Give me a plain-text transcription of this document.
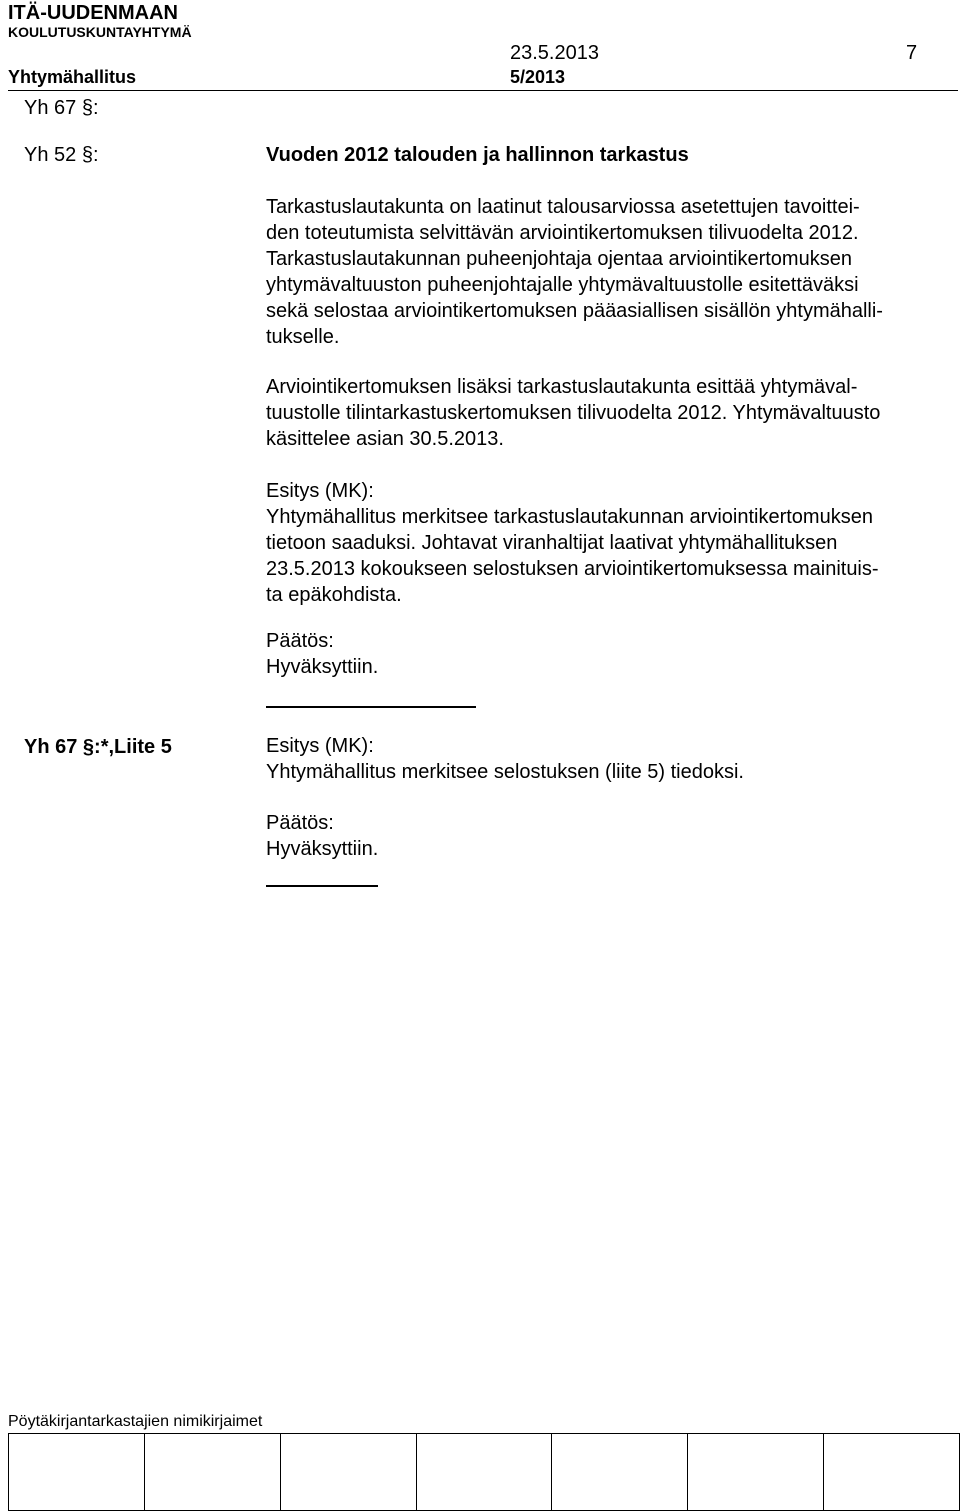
ITÄ-UUDENMAAN
KOULUTUSKUNTAYHTYMÄ
23.5.2013	7
Yhtymähallitus	5/2013
Yh 67 §:
Yh 52 §:	Vuoden 2012 talouden ja hallinnon tarkastus
Tarkastuslautakunta on laatinut talousarviossa asetettujen tavoittei-
den toteutumista selvittävän arviointikertomuksen tilivuodelta 2012.
Tarkastuslautakunnan puheenjohtaja ojentaa arviointikertomuksen
yhtymävaltuuston puheenjohtajalle yhtymävaltuustolle esitettäväksi
sekä selostaa arviointikertomuksen pääasiallisen sisällön yhtymähalli-
tukselle.
Arviointikertomuksen lisäksi tarkastuslautakunta esittää yhtymäval-
tuustolle tilintarkastuskertomuksen tilivuodelta 2012. Yhtymävaltuusto
käsittelee asian 30.5.2013.
Esitys (MK):
Yhtymähallitus merkitsee tarkastuslautakunnan arviointikertomuksen
tietoon saaduksi. Johtavat viranhaltijat laativat yhtymähallituksen
23.5.2013 kokoukseen selostuksen arviointikertomuksessa mainituis-
ta epäkohdista.
Päätös:
Hyväksyttiin.
Yh 67 §:*,Liite 5	Esitys (MK):
Yhtymähallitus merkitsee selostuksen (liite 5) tiedoksi.
Päätös:
Hyväksyttiin.
Pöytäkirjantarkastajien nimikirjaimet
